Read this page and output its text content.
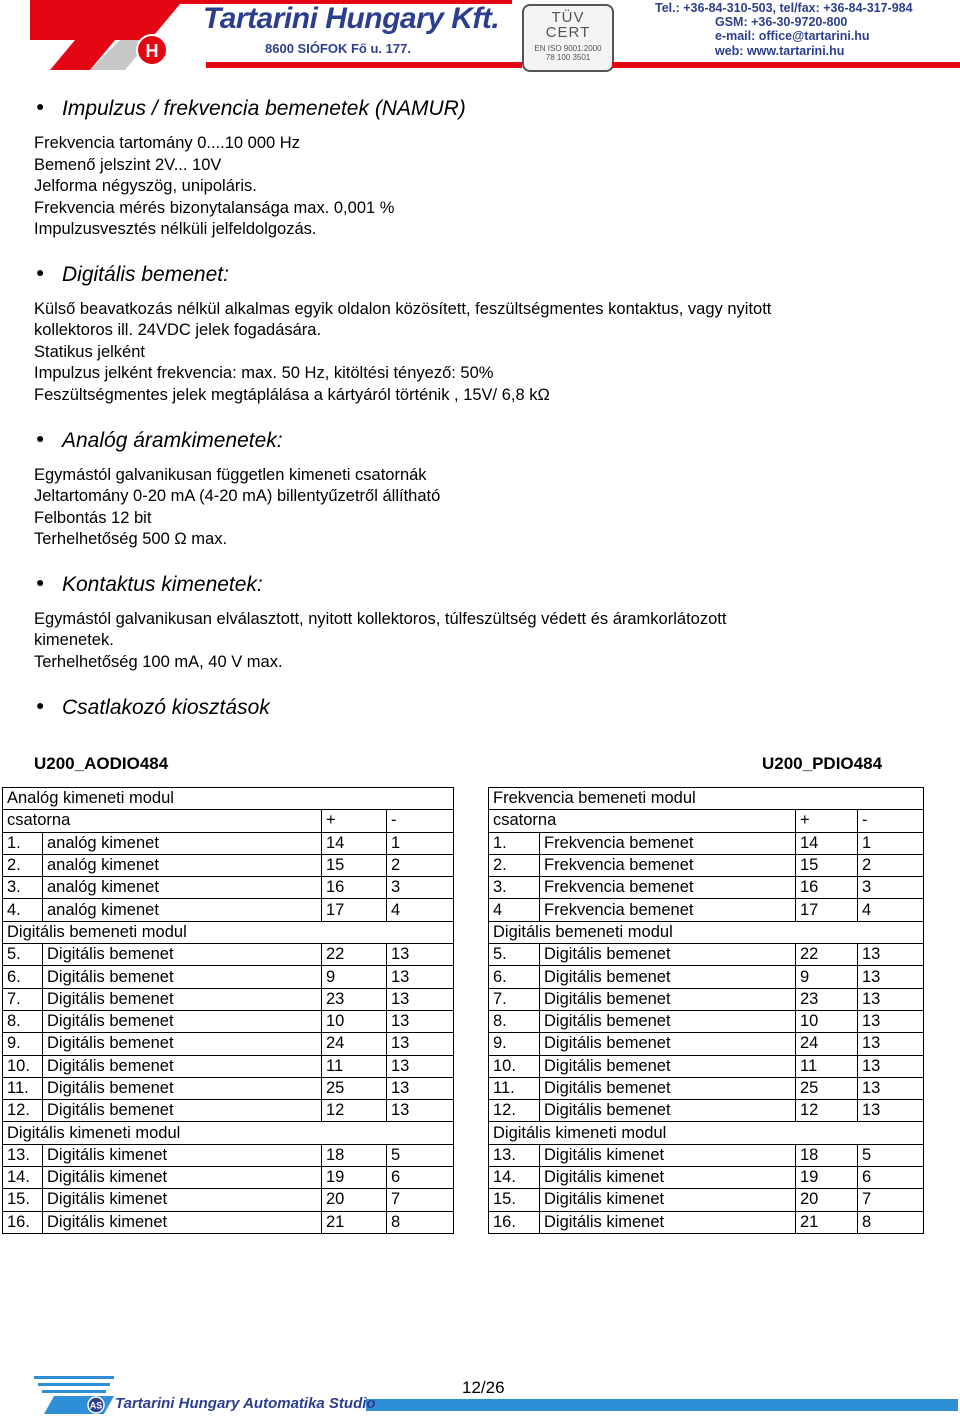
H
Tartarini Hungary Kft.
8600 SIÓFOK Fő u. 177.
TÜV
CERT
EN ISO 9001:2000
78 100 3501
Tel.: +36-84-310-503, tel/fax: +36-84-317-984
GSM: +36-30-9720-800
e-mail: office@tartarini.hu
web: www.tartarini.hu
● Impulzus / frekvencia bemenetek (NAMUR)
Frekvencia tartomány 0....10 000 Hz
Bemenő jelszint 2V... 10V
Jelforma négyszög, unipoláris.
Frekvencia mérés bizonytalansága max. 0,001 %
Impulzusvesztés nélküli jelfeldolgozás.
● Digitális bemenet:
Külső beavatkozás nélkül alkalmas egyik oldalon közösített, feszültségmentes kontaktus, vagy nyitott
kollektoros ill. 24VDC jelek fogadására.
Statikus jelként
Impulzus jelként frekvencia: max. 50 Hz, kitöltési tényező: 50%
Feszültségmentes jelek megtáplálása a kártyáról történik , 15V/ 6,8 kΩ
● Analóg áramkimenetek:
Egymástól galvanikusan független kimeneti csatornák
Jeltartomány 0-20 mA (4-20 mA) billentyűzetről állítható
Felbontás 12 bit
Terhelhetőség 500 Ω max.
● Kontaktus kimenetek:
Egymástól galvanikusan elválasztott, nyitott kollektoros, túlfeszültség védett és áramkorlátozott
kimenetek.
Terhelhetőség 100 mA, 40 V max.
● Csatlakozó kiosztások
U200_AODIO484	U200_PDIO484
Analóg kimeneti modul			
csatorna		+	-
1.	analóg kimenet	14	1
2.	analóg kimenet	15	2
3.	analóg kimenet	16	3
4.	analóg kimenet	17	4
Digitális bemeneti modul			
5.	Digitális bemenet	22	13
6.	Digitális bemenet	9	13
7.	Digitális bemenet	23	13
8.	Digitális bemenet	10	13
9.	Digitális bemenet	24	13
10.	Digitális bemenet	11	13
11.	Digitális bemenet	25	13
12.	Digitális bemenet	12	13
Digitális kimeneti modul			
13.	Digitális kimenet	18	5
14.	Digitális kimenet	19	6
15.	Digitális kimenet	20	7
16.	Digitális kimenet	21	8
Frekvencia bemeneti modul			
csatorna		+	-
1.	Frekvencia bemenet	14	1
2.	Frekvencia bemenet	15	2
3.	Frekvencia bemenet	16	3
4	Frekvencia bemenet	17	4
Digitális bemeneti modul			
5.	Digitális bemenet	22	13
6.	Digitális bemenet	9	13
7.	Digitális bemenet	23	13
8.	Digitális bemenet	10	13
9.	Digitális bemenet	24	13
10.	Digitális bemenet	11	13
11.	Digitális bemenet	25	13
12.	Digitális bemenet	12	13
Digitális kimeneti modul			
13.	Digitális kimenet	18	5
14.	Digitális kimenet	19	6
15.	Digitális kimenet	20	7
16.	Digitális kimenet	21	8
AS
12/26
Tartarini Hungary Automatika Studio
